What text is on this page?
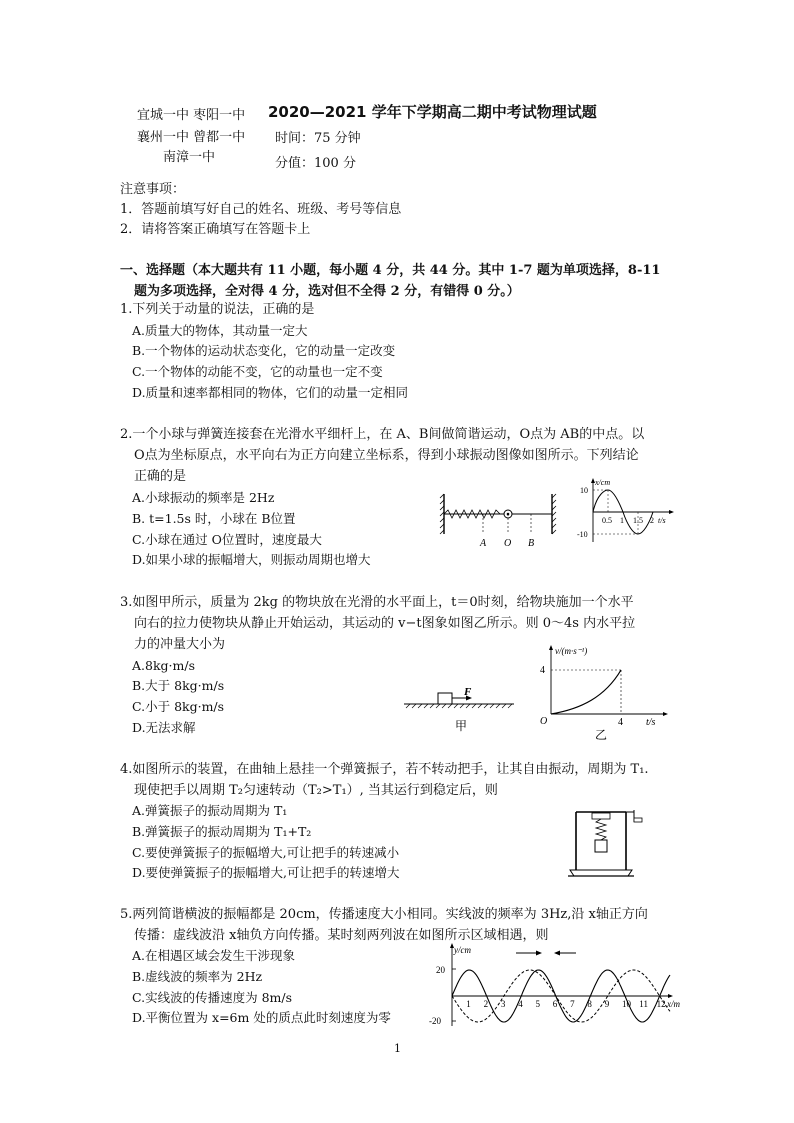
宜城一中 枣阳一中
襄州一中 曾都一中
南漳一中
2020—2021 学年下学期高二期中考试物理试题
时间：75 分钟
分值：100 分
注意事项：
1．答题前填写好自己的姓名、班级、考号等信息
2．请将答案正确填写在答题卡上
一、选择题（本大题共有 11 小题，每小题 4 分，共 44 分。其中 1-7 题为单项选择，8-11
题为多项选择，全对得 4 分，选对但不全得 2 分，有错得 0 分。）
1.下列关于动量的说法，正确的是
A.质量大的物体，其动量一定大
B.一个物体的运动状态变化，它的动量一定改变
C.一个物体的动能不变，它的动量也一定不变
D.质量和速率都相同的物体，它们的动量一定相同
2.一个小球与弹簧连接套在光滑水平细杆上，在 A、B间做简谐运动，O点为 AB的中点。以
O点为坐标原点，水平向右为正方向建立坐标系，得到小球振动图像如图所示。下列结论
正确的是
A.小球振动的频率是 2Hz
B. t=1.5s 时，小球在 B位置
C.小球在通过 O位置时，速度最大
D.如果小球的振幅增大，则振动周期也增大
A O B
x/cm
10
-10
0.5 1 1.5 2 t/s
3.如图甲所示，质量为 2kg 的物块放在光滑的水平面上，t＝0时刻，给物块施加一个水平
向右的拉力使物块从静止开始运动，其运动的 v−t图象如图乙所示。则 0～4s 内水平拉
力的冲量大小为
A.8kg·m/s
B.大于 8kg·m/s
C.小于 8kg·m/s
D.无法求解
F
甲
v/(m·s⁻¹)
4
O	4 t/s
乙
4.如图所示的装置，在曲轴上悬挂一个弹簧振子，若不转动把手，让其自由振动，周期为 T₁.
现使把手以周期 T₂匀速转动（T₂>T₁）, 当其运行到稳定后，则
A.弹簧振子的振动周期为 T₁
B.弹簧振子的振动周期为 T₁+T₂
C.要使弹簧振子的振幅增大,可让把手的转速减小
D.要使弹簧振子的振幅增大,可让把手的转速增大
5.两列简谐横波的振幅都是 20cm，传播速度大小相同。实线波的频率为 3Hz,沿 x轴正方向
传播：虚线波沿 x轴负方向传播。某时刻两列波在如图所示区域相遇，则
A.在相遇区域会发生干涉现象
B.虚线波的频率为 2Hz
C.实线波的传播速度为 8m/s
D.平衡位置为 x=6m 处的质点此时刻速度为零
y/cm
20
-20
1 2 3 4 5 6 7 8 9 10 11 12 x/m
1
